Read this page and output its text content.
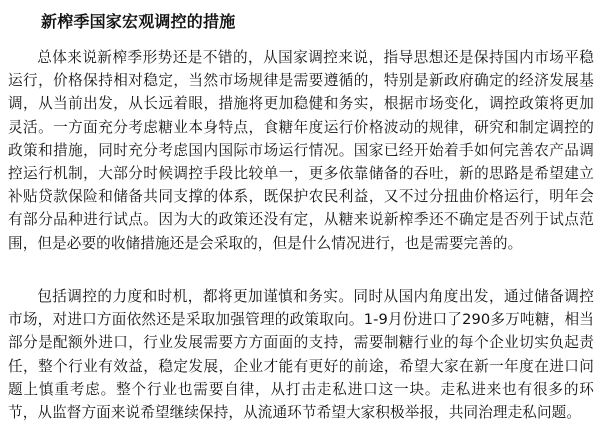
新榨季国家宏观调控的措施

总体来说新榨季形势还是不错的，从国家调控来说，指导思想还是保持国内市场平稳运行，价格保持相对稳定，当然市场规律是需要遵循的，特别是新政府确定的经济发展基调，从当前出发，从长远着眼，措施将更加稳健和务实，根据市场变化，调控政策将更加灵活。一方面充分考虑糖业本身特点，食糖年度运行价格波动的规律，研究和制定调控的政策和措施，同时充分考虑国内国际市场运行情况。国家已经开始着手如何完善农产品调控运行机制，大部分时候调控手段比较单一，更多依靠储备的吞吐，新的思路是希望建立补贴贷款保险和储备共同支撑的体系，既保护农民利益，又不过分扭曲价格运行，明年会有部分品种进行试点。因为大的政策还没有定，从糖来说新榨季还不确定是否列于试点范围，但是必要的收储措施还是会采取的，但是什么情况进行，也是需要完善的。

包括调控的力度和时机，都将更加谨慎和务实。同时从国内角度出发，通过储备调控市场，对进口方面依然还是采取加强管理的政策取向。1-9月份进口了290多万吨糖，相当部分是配额外进口，行业发展需要方方面面的支持，需要制糖行业的每个企业切实负起责任，整个行业有效益，稳定发展，企业才能有更好的前途，希望大家在新一年度在进口问题上慎重考虑。整个行业也需要自律，从打击走私进口这一块。走私进来也有很多的环节，从监督方面来说希望继续保持，从流通环节希望大家积极举报，共同治理走私问题。
